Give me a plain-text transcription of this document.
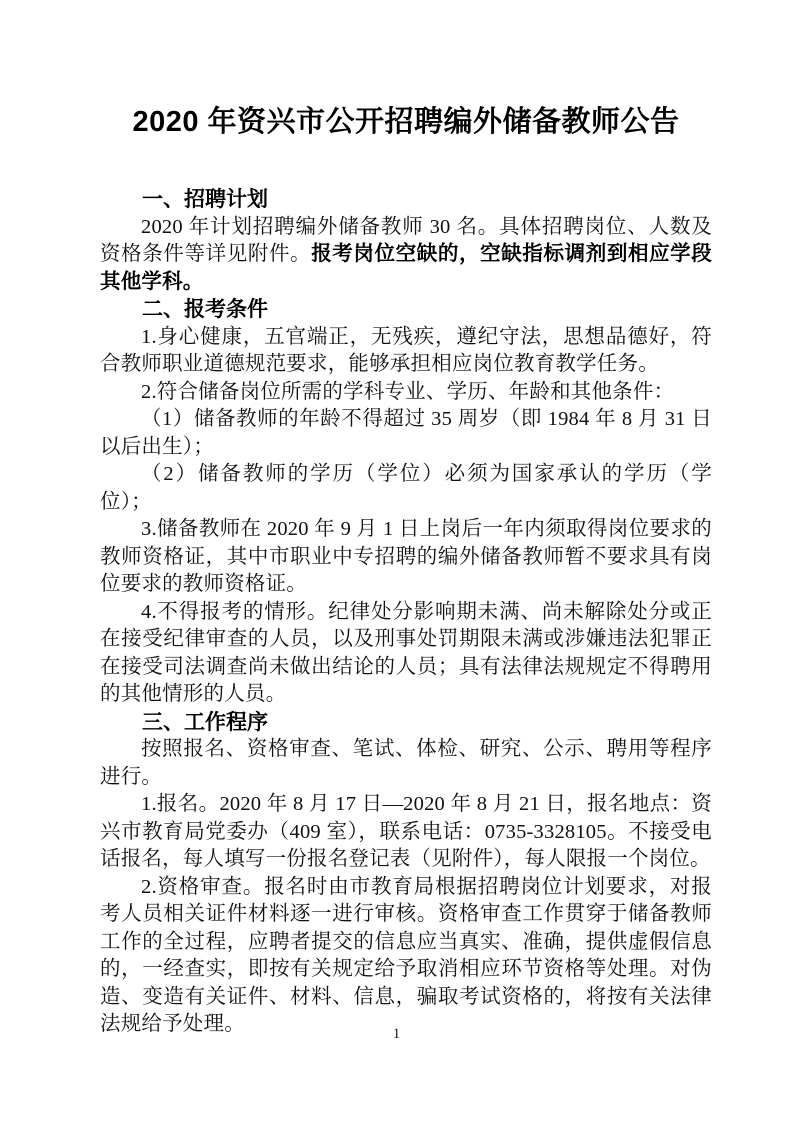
2020 年资兴市公开招聘编外储备教师公告
一、招聘计划

2020 年计划招聘编外储备教师 30 名。具体招聘岗位、人数及资格条件等详见附件。报考岗位空缺的，空缺指标调剂到相应学段其他学科。

二、报考条件

1.身心健康，五官端正，无残疾，遵纪守法，思想品德好，符合教师职业道德规范要求，能够承担相应岗位教育教学任务。

2.符合储备岗位所需的学科专业、学历、年龄和其他条件：

（1）储备教师的年龄不得超过 35 周岁（即 1984 年 8 月 31 日以后出生）；

（2）储备教师的学历（学位）必须为国家承认的学历（学位）；

3.储备教师在 2020 年 9 月 1 日上岗后一年内须取得岗位要求的教师资格证，其中市职业中专招聘的编外储备教师暂不要求具有岗位要求的教师资格证。

4.不得报考的情形。纪律处分影响期未满、尚未解除处分或正在接受纪律审查的人员，以及刑事处罚期限未满或涉嫌违法犯罪正在接受司法调查尚未做出结论的人员；具有法律法规规定不得聘用的其他情形的人员。

三、工作程序

按照报名、资格审查、笔试、体检、研究、公示、聘用等程序进行。

1.报名。2020 年 8 月 17 日—2020 年 8 月 21 日，报名地点：资兴市教育局党委办（409 室），联系电话：0735-3328105。不接受电话报名，每人填写一份报名登记表（见附件），每人限报一个岗位。

2.资格审查。报名时由市教育局根据招聘岗位计划要求，对报考人员相关证件材料逐一进行审核。资格审查工作贯穿于储备教师工作的全过程，应聘者提交的信息应当真实、准确，提供虚假信息的，一经查实，即按有关规定给予取消相应环节资格等处理。对伪造、变造有关证件、材料、信息，骗取考试资格的，将按有关法律法规给予处理。	1
